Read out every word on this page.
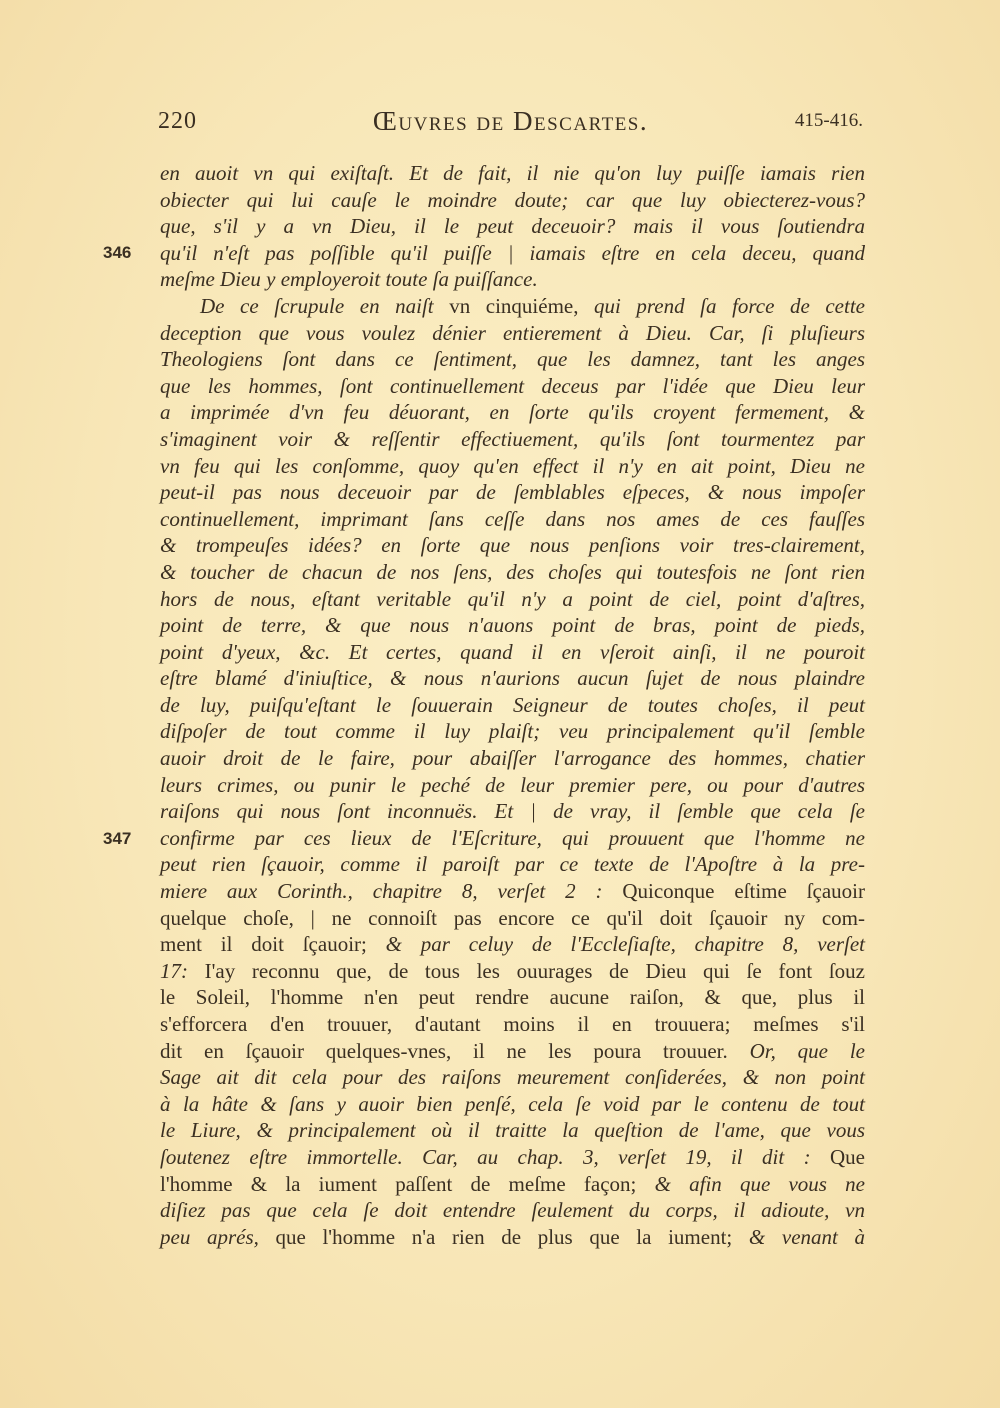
220	Œuvres de Descartes.	415-416.
346
347
en auoit vn qui exiſtaſt. Et de fait, il nie qu'on luy puiſſe iamais rien
obiecter qui lui cauſe le moindre doute; car que luy obiecterez-vous?
que, s'il y a vn Dieu, il le peut deceuoir? mais il vous ſoutiendra
qu'il n'eſt pas poſſible qu'il puiſſe | iamais eſtre en cela deceu, quand
meſme Dieu y employeroit toute ſa puiſſance.
De ce ſcrupule en naiſt vn cinquiéme, qui prend ſa force de cette
deception que vous voulez dénier entierement à Dieu. Car, ſi pluſieurs
Theologiens ſont dans ce ſentiment, que les damnez, tant les anges
que les hommes, ſont continuellement deceus par l'idée que Dieu leur
a imprimée d'vn feu déuorant, en ſorte qu'ils croyent fermement, &
s'imaginent voir & reſſentir effectiuement, qu'ils ſont tourmentez par
vn feu qui les conſomme, quoy qu'en effect il n'y en ait point, Dieu ne
peut-il pas nous deceuoir par de ſemblables eſpeces, & nous impoſer
continuellement, imprimant ſans ceſſe dans nos ames de ces fauſſes
& trompeuſes idées? en ſorte que nous penſions voir tres-clairement,
& toucher de chacun de nos ſens, des choſes qui toutesfois ne ſont rien
hors de nous, eſtant veritable qu'il n'y a point de ciel, point d'aſtres,
point de terre, & que nous n'auons point de bras, point de pieds,
point d'yeux, &c. Et certes, quand il en vſeroit ainſi, il ne pouroit
eſtre blamé d'iniuſtice, & nous n'aurions aucun ſujet de nous plaindre
de luy, puiſqu'eſtant le ſouuerain Seigneur de toutes choſes, il peut
diſpoſer de tout comme il luy plaiſt; veu principalement qu'il ſemble
auoir droit de le faire, pour abaiſſer l'arrogance des hommes, chatier
leurs crimes, ou punir le peché de leur premier pere, ou pour d'autres
raiſons qui nous ſont inconnuës. Et | de vray, il ſemble que cela ſe
confirme par ces lieux de l'Eſcriture, qui prouuent que l'homme ne
peut rien ſçauoir, comme il paroiſt par ce texte de l'Apoſtre à la pre-
miere aux Corinth., chapitre 8, verſet 2 : Quiconque eſtime ſçauoir
quelque choſe, | ne connoiſt pas encore ce qu'il doit ſçauoir ny com-
ment il doit ſçauoir; & par celuy de l'Eccleſiaſte, chapitre 8, verſet
17: I'ay reconnu que, de tous les ouurages de Dieu qui ſe font ſouz
le Soleil, l'homme n'en peut rendre aucune raiſon, & que, plus il
s'efforcera d'en trouuer, d'autant moins il en trouuera; meſmes s'il
dit en ſçauoir quelques-vnes, il ne les poura trouuer. Or, que le
Sage ait dit cela pour des raiſons meurement conſiderées, & non point
à la hâte & ſans y auoir bien penſé, cela ſe void par le contenu de tout
le Liure, & principalement où il traitte la queſtion de l'ame, que vous
ſoutenez eſtre immortelle. Car, au chap. 3, verſet 19, il dit : Que
l'homme & la iument paſſent de meſme façon; & afin que vous ne
diſiez pas que cela ſe doit entendre ſeulement du corps, il adioute, vn
peu aprés, que l'homme n'a rien de plus que la iument; & venant à
